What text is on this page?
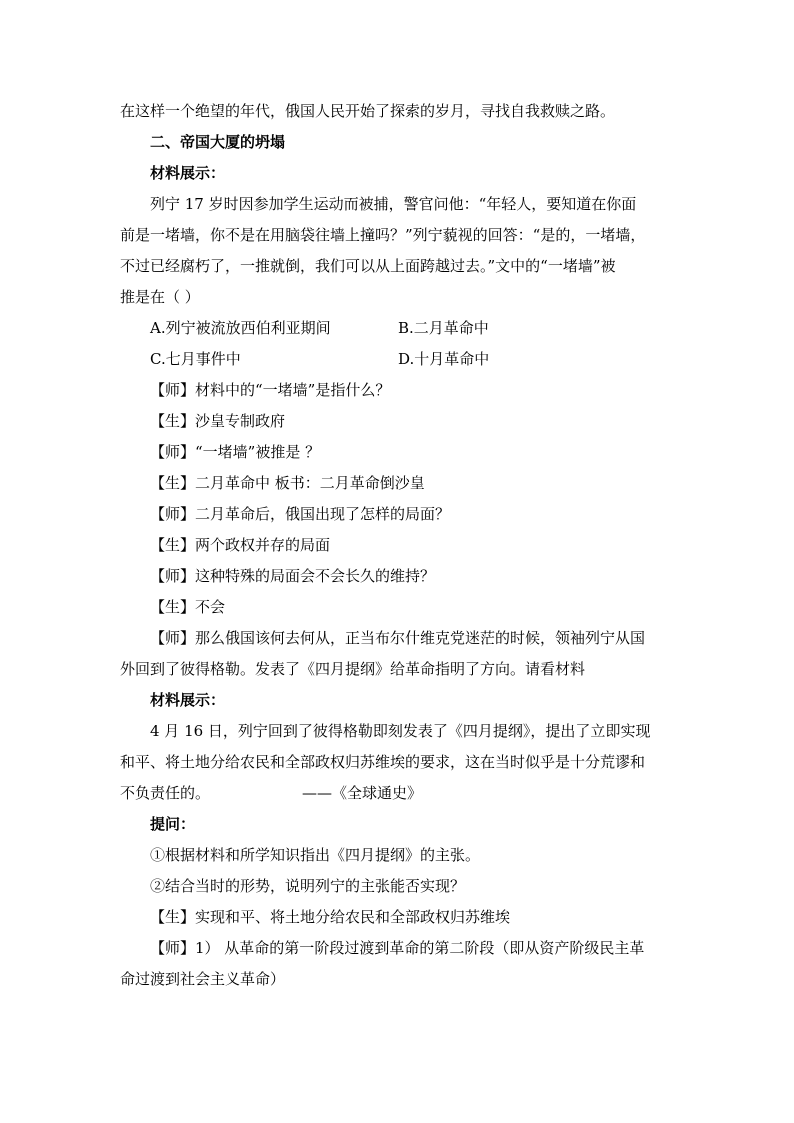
在这样一个绝望的年代，俄国人民开始了探索的岁月，寻找自我救赎之路。
二、帝国大厦的坍塌
材料展示：
列宁 17 岁时因参加学生运动而被捕，警官问他：“年轻人，要知道在你面
前是一堵墙，你不是在用脑袋往墙上撞吗？”列宁藐视的回答：“是的，一堵墙，
不过已经腐朽了，一推就倒，我们可以从上面跨越过去。”文中的“一堵墙”被
推是在（ ）
A.列宁被流放西伯利亚期间	B.二月革命中
C.七月事件中	D.十月革命中
【师】材料中的“一堵墙”是指什么？
【生】沙皇专制政府
【师】“一堵墙”被推是 ？
【生】二月革命中 板书：二月革命倒沙皇
【师】二月革命后，俄国出现了怎样的局面？
【生】两个政权并存的局面
【师】这种特殊的局面会不会长久的维持？
【生】不会
【师】那么俄国该何去何从，正当布尔什维克党迷茫的时候，领袖列宁从国
外回到了彼得格勒。发表了《四月提纲》给革命指明了方向。请看材料
材料展示：
4 月 16 日，列宁回到了彼得格勒即刻发表了《四月提纲》，提出了立即实现
和平、将土地分给农民和全部政权归苏维埃的要求，这在当时似乎是十分荒谬和
不负责任的。	——《全球通史》
提问：
①根据材料和所学知识指出《四月提纲》的主张。
②结合当时的形势，说明列宁的主张能否实现？
【生】实现和平、将土地分给农民和全部政权归苏维埃
【师】1） 从革命的第一阶段过渡到革命的第二阶段（即从资产阶级民主革
命过渡到社会主义革命）
